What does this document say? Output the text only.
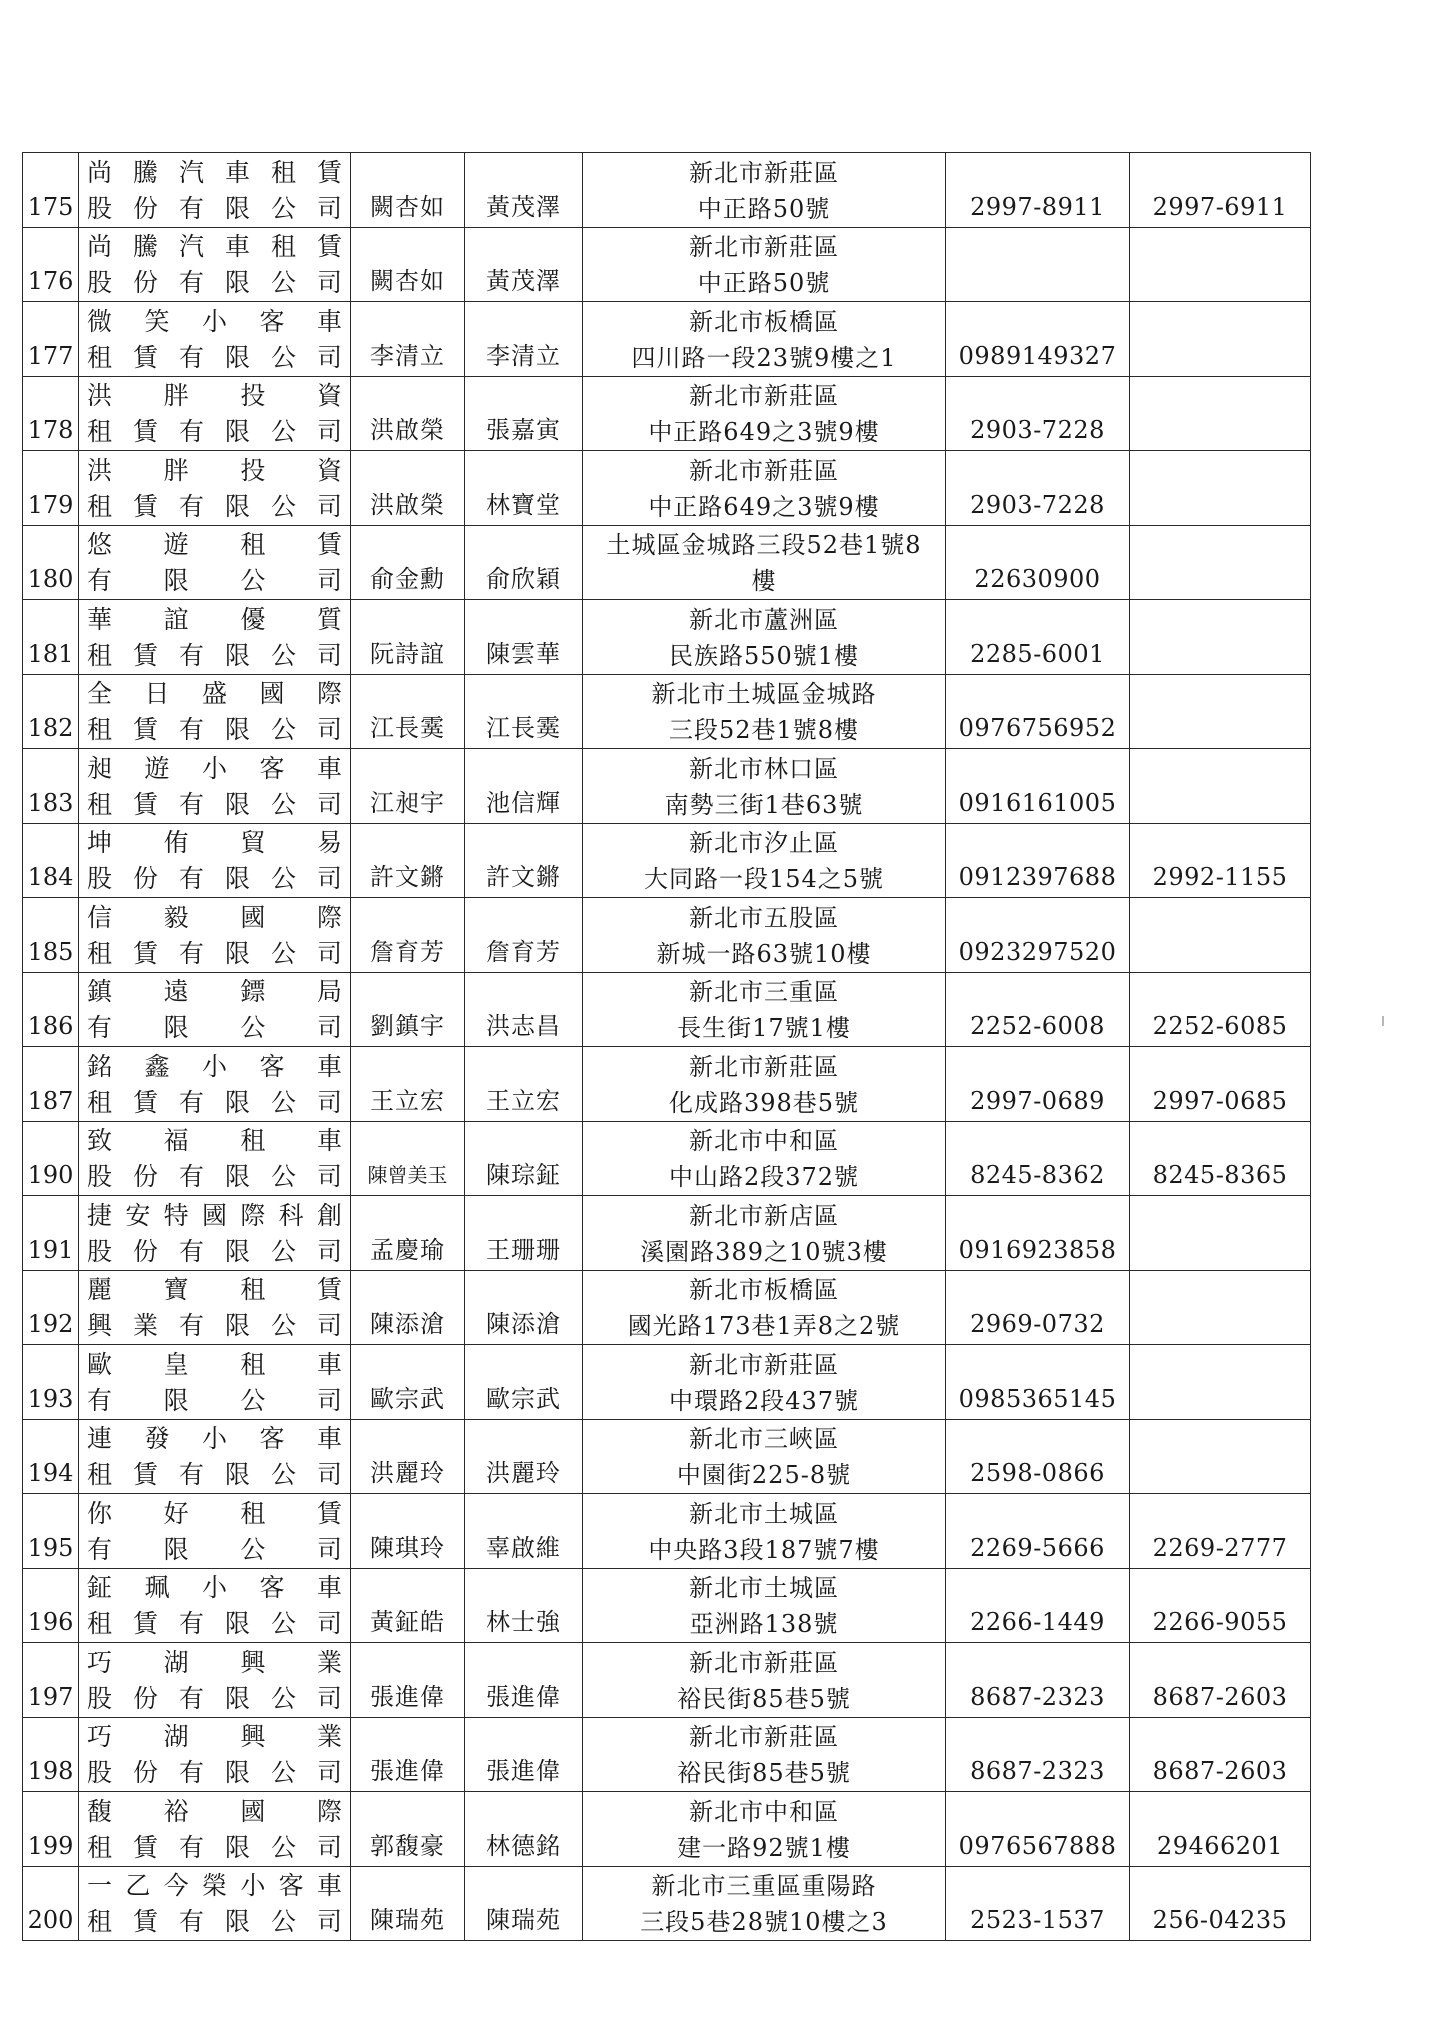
175	尚騰汽車租賃
股份有限公司	闕杏如	黃茂澤	新北市新莊區
中正路50號	2997-8911	2997-6911
176	尚騰汽車租賃
股份有限公司	闕杏如	黃茂澤	新北市新莊區
中正路50號		

177	微笑小客車
租賃有限公司	李清立	李清立	新北市板橋區
四川路一段23號9樓之1	0989149327	
178	洪胖投資
租賃有限公司	洪啟榮	張嘉寅	新北市新莊區
中正路649之3號9樓	2903-7228	
179	洪胖投資
租賃有限公司	洪啟榮	林寶堂	新北市新莊區
中正路649之3號9樓	2903-7228	
180	悠遊租賃
有限公司	俞金勳	俞欣穎	土城區金城路三段52巷1號8
樓	22630900	
181	華誼優質
租賃有限公司	阮詩誼	陳雲華	新北市蘆洲區
民族路550號1樓	2285-6001	
182	全日盛國際
租賃有限公司	江長霙	江長霙	新北市土城區金城路
三段52巷1號8樓	0976756952	
183	昶遊小客車
租賃有限公司	江昶宇	池信輝	新北市林口區
南勢三街1巷63號	0916161005	
184	坤侑貿易
股份有限公司	許文鏘	許文鏘	新北市汐止區
大同路一段154之5號	0912397688	2992-1155
185	信毅國際
租賃有限公司	詹育芳	詹育芳	新北市五股區
新城一路63號10樓	0923297520	
186	鎮遠鏢局
有限公司	劉鎮宇	洪志昌	新北市三重區
長生街17號1樓	2252-6008	2252-6085
187	銘鑫小客車
租賃有限公司	王立宏	王立宏	新北市新莊區
化成路398巷5號	2997-0689	2997-0685
190	致福租車
股份有限公司	陳曾美玉	陳琮鉦	新北市中和區
中山路2段372號	8245-8362	8245-8365
191	捷安特國際科創
股份有限公司	孟慶瑜	王珊珊	新北市新店區
溪園路389之10號3樓	0916923858	
192	麗寶租賃
興業有限公司	陳添滄	陳添滄	新北市板橋區
國光路173巷1弄8之2號	2969-0732	
193	歐皇租車
有限公司	歐宗武	歐宗武	新北市新莊區
中環路2段437號	0985365145	
194	連發小客車
租賃有限公司	洪麗玲	洪麗玲	新北市三峽區
中園街225-8號	2598-0866	
195	你好租賃
有限公司	陳琪玲	辜啟維	新北市土城區
中央路3段187號7樓	2269-5666	2269-2777
196	鉦珮小客車
租賃有限公司	黃鉦皓	林士強	新北市土城區
亞洲路138號	2266-1449	2266-9055
197	巧湖興業
股份有限公司	張進偉	張進偉	新北市新莊區
裕民街85巷5號	8687-2323	8687-2603
198	巧湖興業
股份有限公司	張進偉	張進偉	新北市新莊區
裕民街85巷5號	8687-2323	8687-2603
199	馥裕國際
租賃有限公司	郭馥豪	林德銘	新北市中和區
建一路92號1樓	0976567888	29466201
200	一乙今榮小客車
租賃有限公司	陳瑞苑	陳瑞苑	新北市三重區重陽路
三段5巷28號10樓之3	2523-1537	256-04235
